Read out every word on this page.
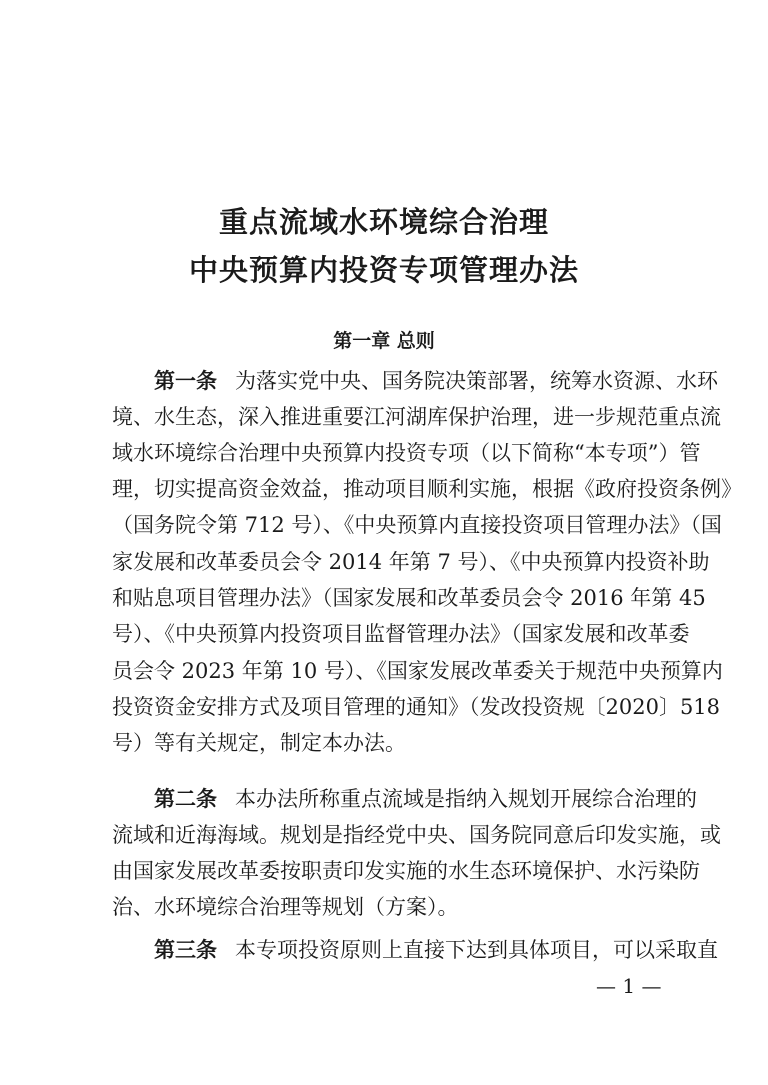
重点流域水环境综合治理
中央预算内投资专项管理办法
第一章 总则
第一条 为落实党中央、国务院决策部署，统筹水资源、水环
境、水生态，深入推进重要江河湖库保护治理，进一步规范重点流
域水环境综合治理中央预算内投资专项（以下简称“本专项”）管
理，切实提高资金效益，推动项目顺利实施，根据《政府投资条例》
（国务院令第 712 号）、《中央预算内直接投资项目管理办法》（国
家发展和改革委员会令 2014 年第 7 号）、《中央预算内投资补助
和贴息项目管理办法》（国家发展和改革委员会令 2016 年第 45
号）、《中央预算内投资项目监督管理办法》（国家发展和改革委
员会令 2023 年第 10 号）、《国家发展改革委关于规范中央预算内
投资资金安排方式及项目管理的通知》（发改投资规〔2020〕518
号）等有关规定，制定本办法。
第二条 本办法所称重点流域是指纳入规划开展综合治理的
流域和近海海域。规划是指经党中央、国务院同意后印发实施，或
由国家发展改革委按职责印发实施的水生态环境保护、水污染防
治、水环境综合治理等规划（方案）。
第三条 本专项投资原则上直接下达到具体项目，可以采取直
— 1 —
